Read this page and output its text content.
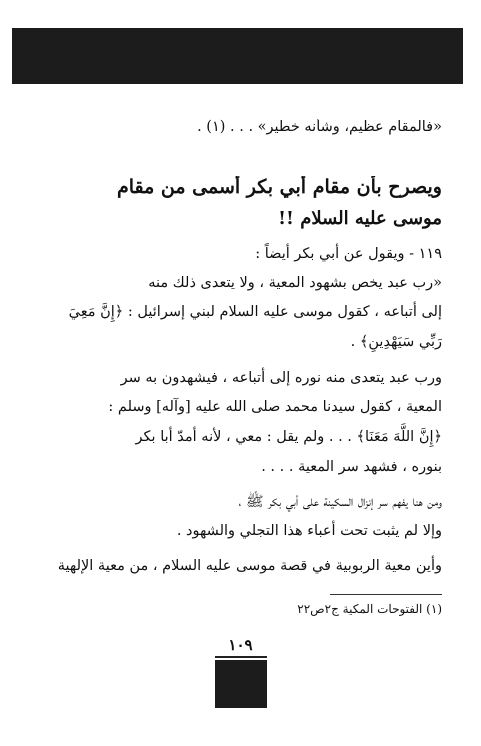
«فالمقام عظيم، وشأنه خطير» . . . (١) .
ويصرح بأن مقام أبي بكر أسمى من مقام
موسى عليه السلام !!
١١٩ - ويقول عن أبي بكر أيضاً :
«رب عبد يخص بشهود المعية ، ولا يتعدى ذلك منه
إلى أتباعه ، كقول موسى عليه السلام لبني إسرائيل : ﴿إِنَّ مَعِيَ
رَبِّي سَيَهْدِينِ﴾ .
ورب عبد يتعدى منه نوره إلى أتباعه ، فيشهدون به سر
المعية ، كقول سيدنا محمد صلى الله عليه [وآله] وسلم :
﴿إِنَّ اللَّهَ مَعَنَا﴾ . . . ولم يقل : معي ، لأنه أمدّ أبا بكر
بنوره ، فشهد سر المعية . . . .
ومن هنا يفهم سر إنزال السكينة على أبي بكر ﷺ ،
وإلا لم يثبت تحت أعباء هذا التجلي والشهود .
وأين معية الربوبية في قصة موسى عليه السلام ، من معية الإلهية
(١) الفتوحات المكية ج٢ص٢٢
١٠٩
